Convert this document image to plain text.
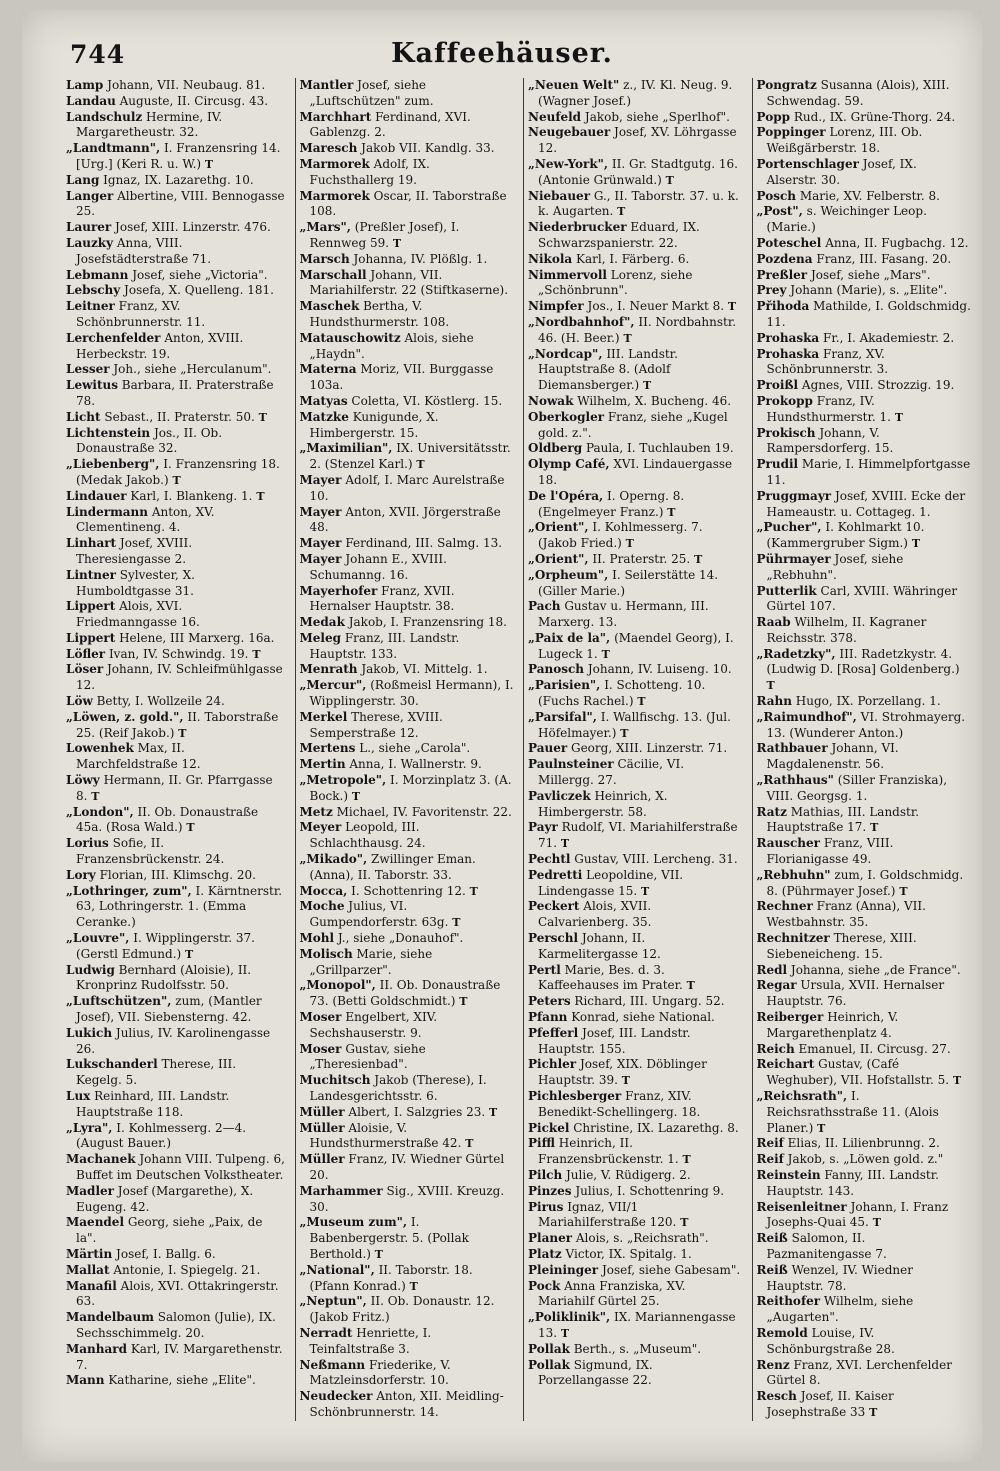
744	Kaffeehäuser.
Lamp Johann, VII. Neubaug. 81.
Landau Auguste, II. Circusg. 43.
Landschulz Hermine, IV. Margaretheustr. 32.
„Landtmann", I. Franzensring 14. [Urg.] (Keri R. u. W.) T
Lang Ignaz, IX. Lazarethg. 10.
Langer Albertine, VIII. Bennogasse 25.
Laurer Josef, XIII. Linzerstr. 476.
Lauzky Anna, VIII. Josefstädterstraße 71.
Lebmann Josef, siehe „Victoria".
Lebschy Josefa, X. Quelleng. 181.
Leitner Franz, XV. Schönbrunnerstr. 11.
Lerchenfelder Anton, XVIII. Herbeckstr. 19.
Lesser Joh., siehe „Herculanum".
Lewitus Barbara, II. Praterstraße 78.
Licht Sebast., II. Praterstr. 50. T
Lichtenstein Jos., II. Ob. Donaustraße 32.
„Liebenberg", I. Franzensring 18. (Medak Jakob.) T
Lindauer Karl, I. Blankeng. 1. T
Lindermann Anton, XV. Clementineng. 4.
Linhart Josef, XVIII. Theresiengasse 2.
Lintner Sylvester, X. Humboldtgasse 31.
Lippert Alois, XVI. Friedmanngasse 16.
Lippert Helene, III Marxerg. 16a.
Löfler Ivan, IV. Schwindg. 19. T
Löser Johann, IV. Schleifmühlgasse 12.
Löw Betty, I. Wollzeile 24.
„Löwen, z. gold.", II. Taborstraße 25. (Reif Jakob.) T
Lowenhek Max, II. Marchfeldstraße 12.
Löwy Hermann, II. Gr. Pfarrgasse 8. T
„London", II. Ob. Donaustraße 45a. (Rosa Wald.) T
Lorius Sofie, II. Franzensbrückenstr. 24.
Lory Florian, III. Klimschg. 20.
„Lothringer, zum", I. Kärntnerstr. 63, Lothringerstr. 1. (Emma Ceranke.)
„Louvre", I. Wipplingerstr. 37. (Gerstl Edmund.) T
Ludwig Bernhard (Aloisie), II. Kronprinz Rudolfsstr. 50.
„Luftschützen", zum, (Mantler Josef), VII. Siebensterng. 42.
Lukich Julius, IV. Karolinengasse 26.
Lukschanderl Therese, III. Kegelg. 5.
Lux Reinhard, III. Landstr. Hauptstraße 118.
„Lyra", I. Kohlmesserg. 2—4. (August Bauer.)
Machanek Johann VIII. Tulpeng. 6, Buffet im Deutschen Volkstheater.
Madler Josef (Margarethe), X. Eugeng. 42.
Maendel Georg, siehe „Paix, de la".
Märtin Josef, I. Ballg. 6.
Mallat Antonie, I. Spiegelg. 21.
Manafil Alois, XVI. Ottakringerstr. 63.
Mandelbaum Salomon (Julie), IX. Sechsschimmelg. 20.
Manhard Karl, IV. Margarethenstr. 7.
Mann Katharine, siehe „Elite".
Mantler Josef, siehe „Luftschützen" zum.
Marchhart Ferdinand, XVI. Gablenzg. 2.
Maresch Jakob VII. Kandlg. 33.
Marmorek Adolf, IX. Fuchsthallerg 19.
Marmorek Oscar, II. Taborstraße 108.
„Mars", (Preßler Josef), I. Rennweg 59. T
Marsch Johanna, IV. Plößlg. 1.
Marschall Johann, VII. Mariahilferstr. 22 (Stiftkaserne).
Maschek Bertha, V. Hundsthurmerstr. 108.
Matauschowitz Alois, siehe „Haydn".
Materna Moriz, VII. Burggasse 103a.
Matyas Coletta, VI. Köstlerg. 15.
Matzke Kunigunde, X. Himbergerstr. 15.
„Maximilian", IX. Universitätsstr. 2. (Stenzel Karl.) T
Mayer Adolf, I. Marc Aurelstraße 10.
Mayer Anton, XVII. Jörgerstraße 48.
Mayer Ferdinand, III. Salmg. 13.
Mayer Johann E., XVIII. Schumanng. 16.
Mayerhofer Franz, XVII. Hernalser Hauptstr. 38.
Medak Jakob, I. Franzensring 18.
Meleg Franz, III. Landstr. Hauptstr. 133.
Menrath Jakob, VI. Mittelg. 1.
„Mercur", (Roßmeisl Hermann), I. Wipplingerstr. 30.
Merkel Therese, XVIII. Semperstraße 12.
Mertens L., siehe „Carola".
Mertin Anna, I. Wallnerstr. 9.
„Metropole", I. Morzinplatz 3. (A. Bock.) T
Metz Michael, IV. Favoritenstr. 22.
Meyer Leopold, III. Schlachthausg. 24.
„Mikado", Zwillinger Eman. (Anna), II. Taborstr. 33.
Mocca, I. Schottenring 12. T
Moche Julius, VI. Gumpendorferstr. 63g. T
Mohl J., siehe „Donauhof".
Molisch Marie, siehe „Grillparzer".
„Monopol", II. Ob. Donaustraße 73. (Betti Goldschmidt.) T
Moser Engelbert, XIV. Sechshauserstr. 9.
Moser Gustav, siehe „Theresienbad".
Muchitsch Jakob (Therese), I. Landesgerichtsstr. 6.
Müller Albert, I. Salzgries 23. T
Müller Aloisie, V. Hundsthurmerstraße 42. T
Müller Franz, IV. Wiedner Gürtel 20.
Marhammer Sig., XVIII. Kreuzg. 30.
„Museum zum", I. Babenbergerstr. 5. (Pollak Berthold.) T
„National", II. Taborstr. 18. (Pfann Konrad.) T
„Neptun", II. Ob. Donaustr. 12. (Jakob Fritz.)
Nerradt Henriette, I. Teinfaltstraße 3.
Neßmann Friederike, V. Matzleinsdorferstr. 10.
Neudecker Anton, XII. Meidling-Schönbrunnerstr. 14.
„Neuen Welt" z., IV. Kl. Neug. 9. (Wagner Josef.)
Neufeld Jakob, siehe „Sperlhof".
Neugebauer Josef, XV. Löhrgasse 12.
„New-York", II. Gr. Stadtgutg. 16. (Antonie Grünwald.) T
Niebauer G., II. Taborstr. 37. u. k. k. Augarten. T
Niederbrucker Eduard, IX. Schwarzspanierstr. 22.
Nikola Karl, I. Färberg. 6.
Nimmervoll Lorenz, siehe „Schönbrunn".
Nimpfer Jos., I. Neuer Markt 8. T
„Nordbahnhof", II. Nordbahnstr. 46. (H. Beer.) T
„Nordcap", III. Landstr. Hauptstraße 8. (Adolf Diemansberger.) T
Nowak Wilhelm, X. Bucheng. 46.
Oberkogler Franz, siehe „Kugel gold. z.".
Oldberg Paula, I. Tuchlauben 19.
Olymp Café, XVI. Lindauergasse 18.
De l'Opéra, I. Operng. 8. (Engelmeyer Franz.) T
„Orient", I. Kohlmesserg. 7. (Jakob Fried.) T
„Orient", II. Praterstr. 25. T
„Orpheum", I. Seilerstätte 14. (Giller Marie.)
Pach Gustav u. Hermann, III. Marxerg. 13.
„Paix de la", (Maendel Georg), I. Lugeck 1. T
Panosch Johann, IV. Luiseng. 10.
„Parisien", I. Schotteng. 10. (Fuchs Rachel.) T
„Parsifal", I. Wallfischg. 13. (Jul. Höfelmayer.) T
Pauer Georg, XIII. Linzerstr. 71.
Paulnsteiner Cäcilie, VI. Millergg. 27.
Pavliczek Heinrich, X. Himbergerstr. 58.
Payr Rudolf, VI. Mariahilferstraße 71. T
Pechtl Gustav, VIII. Lercheng. 31.
Pedretti Leopoldine, VII. Lindengasse 15. T
Peckert Alois, XVII. Calvarienberg. 35.
Perschl Johann, II. Karmelitergasse 12.
Pertl Marie, Bes. d. 3. Kaffeehauses im Prater. T
Peters Richard, III. Ungarg. 52.
Pfann Konrad, siehe National.
Pfefferl Josef, III. Landstr. Hauptstr. 155.
Pichler Josef, XIX. Döblinger Hauptstr. 39. T
Pichlesberger Franz, XIV. Benedikt-Schellingerg. 18.
Pickel Christine, IX. Lazarethg. 8.
Piffl Heinrich, II. Franzensbrückenstr. 1. T
Pilch Julie, V. Rüdigerg. 2.
Pinzes Julius, I. Schottenring 9.
Pirus Ignaz, VII/1 Mariahilferstraße 120. T
Planer Alois, s. „Reichsrath".
Platz Victor, IX. Spitalg. 1.
Pleininger Josef, siehe Gabesam".
Pock Anna Franziska, XV. Mariahilf Gürtel 25.
„Poliklinik", IX. Mariannengasse 13. T
Pollak Berth., s. „Museum".
Pollak Sigmund, IX. Porzellangasse 22.
Pongratz Susanna (Alois), XIII. Schwendag. 59.
Popp Rud., IX. Grüne-Thorg. 24.
Poppinger Lorenz, III. Ob. Weißgärberstr. 18.
Portenschlager Josef, IX. Alserstr. 30.
Posch Marie, XV. Felberstr. 8.
„Post", s. Weichinger Leop. (Marie.)
Poteschel Anna, II. Fugbachg. 12.
Pozdena Franz, III. Fasang. 20.
Preßler Josef, siehe „Mars".
Prey Johann (Marie), s. „Elite".
Přihoda Mathilde, I. Goldschmidg. 11.
Prohaska Fr., I. Akademiestr. 2.
Prohaska Franz, XV. Schönbrunnerstr. 3.
Proißl Agnes, VIII. Strozzig. 19.
Prokopp Franz, IV. Hundsthurmerstr. 1. T
Prokisch Johann, V. Rampersdorferg. 15.
Prudil Marie, I. Himmelpfortgasse 11.
Pruggmayr Josef, XVIII. Ecke der Hameaustr. u. Cottageg. 1.
„Pucher", I. Kohlmarkt 10. (Kammergruber Sigm.) T
Pührmayer Josef, siehe „Rebhuhn".
Putterlik Carl, XVIII. Währinger Gürtel 107.
Raab Wilhelm, II. Kagraner Reichsstr. 378.
„Radetzky", III. Radetzkystr. 4. (Ludwig D. [Rosa] Goldenberg.) T
Rahn Hugo, IX. Porzellang. 1.
„Raimundhof", VI. Strohmayerg. 13. (Wunderer Anton.)
Rathbauer Johann, VI. Magdalenenstr. 56.
„Rathhaus" (Siller Franziska), VIII. Georgsg. 1.
Ratz Mathias, III. Landstr. Hauptstraße 17. T
Rauscher Franz, VIII. Florianigasse 49.
„Rebhuhn" zum, I. Goldschmidg. 8. (Pührmayer Josef.) T
Rechner Franz (Anna), VII. Westbahnstr. 35.
Rechnitzer Therese, XIII. Siebeneicheng. 15.
Redl Johanna, siehe „de France".
Regar Ursula, XVII. Hernalser Hauptstr. 76.
Reiberger Heinrich, V. Margarethenplatz 4.
Reich Emanuel, II. Circusg. 27.
Reichart Gustav, (Café Weghuber), VII. Hofstallstr. 5. T
„Reichsrath", I. Reichsrathsstraße 11. (Alois Planer.) T
Reif Elias, II. Lilienbrunng. 2.
Reif Jakob, s. „Löwen gold. z."
Reinstein Fanny, III. Landstr. Hauptstr. 143.
Reisenleitner Johann, I. Franz Josephs-Quai 45. T
Reiß Salomon, II. Pazmanitengasse 7.
Reiß Wenzel, IV. Wiedner Hauptstr. 78.
Reithofer Wilhelm, siehe „Augarten".
Remold Louise, IV. Schönburgstraße 28.
Renz Franz, XVI. Lerchenfelder Gürtel 8.
Resch Josef, II. Kaiser Josephstraße 33 T
